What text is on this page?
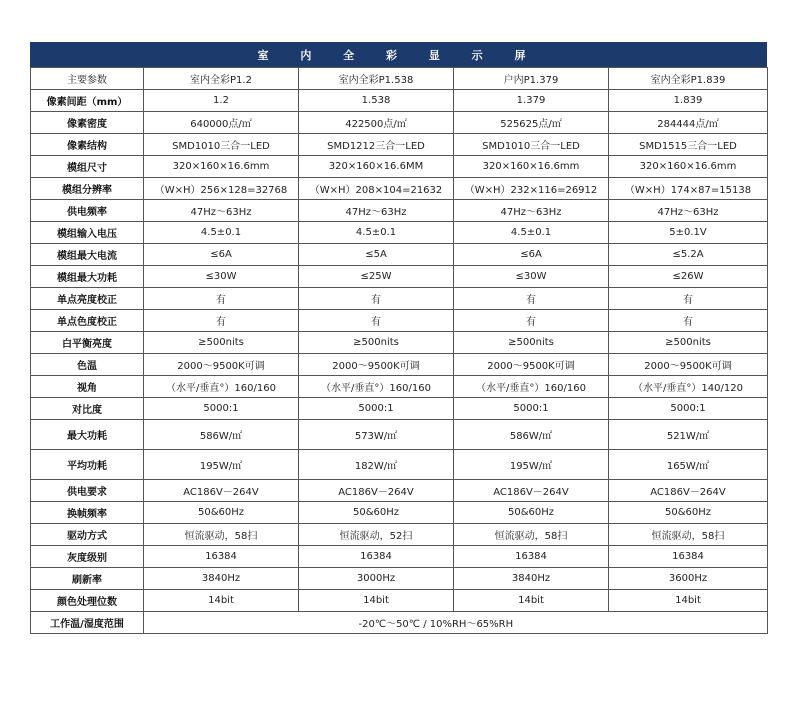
室 内 全 彩 显 示 屏
主要参数	室内全彩P1.2	室内全彩P1.538	户内P1.379	室内全彩P1.839
像素间距（mm）	1.2	1.538	1.379	1.839
像素密度	640000点/㎡	422500点/㎡	525625点/㎡	284444点/㎡
像素结构	SMD1010三合一LED	SMD1212三合一LED	SMD1010三合一LED	SMD1515三合一LED
模组尺寸	320×160×16.6mm	320×160×16.6MM	320×160×16.6mm	320×160×16.6mm
模组分辨率	（W×H）256×128=32768	（W×H）208×104=21632	（W×H）232×116=26912	（W×H）174×87=15138
供电频率	47Hz～63Hz	47Hz～63Hz	47Hz～63Hz	47Hz～63Hz
模组输入电压	4.5±0.1	4.5±0.1	4.5±0.1	5±0.1V
模组最大电流	≤6A	≤5A	≤6A	≤5.2A
模组最大功耗	≤30W	≤25W	≤30W	≤26W
单点亮度校正	有	有	有	有
单点色度校正	有	有	有	有
白平衡亮度	≥500nits	≥500nits	≥500nits	≥500nits
色温	2000～9500K可调	2000～9500K可调	2000～9500K可调	2000～9500K可调
视角	（水平/垂直°）160/160	（水平/垂直°）160/160	（水平/垂直°）160/160	（水平/垂直°）140/120
对比度	5000:1	5000:1	5000:1	5000:1
最大功耗	586W/㎡	573W/㎡	586W/㎡	521W/㎡
平均功耗	195W/㎡	182W/㎡	195W/㎡	165W/㎡
供电要求	AC186V－264V	AC186V－264V	AC186V－264V	AC186V－264V
换帧频率	50&60Hz	50&60Hz	50&60Hz	50&60Hz
驱动方式	恒流驱动，58扫	恒流驱动，52扫	恒流驱动，58扫	恒流驱动，58扫
灰度级别	16384	16384	16384	16384
刷新率	3840Hz	3000Hz	3840Hz	3600Hz
颜色处理位数	14bit	14bit	14bit	14bit
工作温/湿度范围		-20℃～50℃ / 10%RH～65%RH		
